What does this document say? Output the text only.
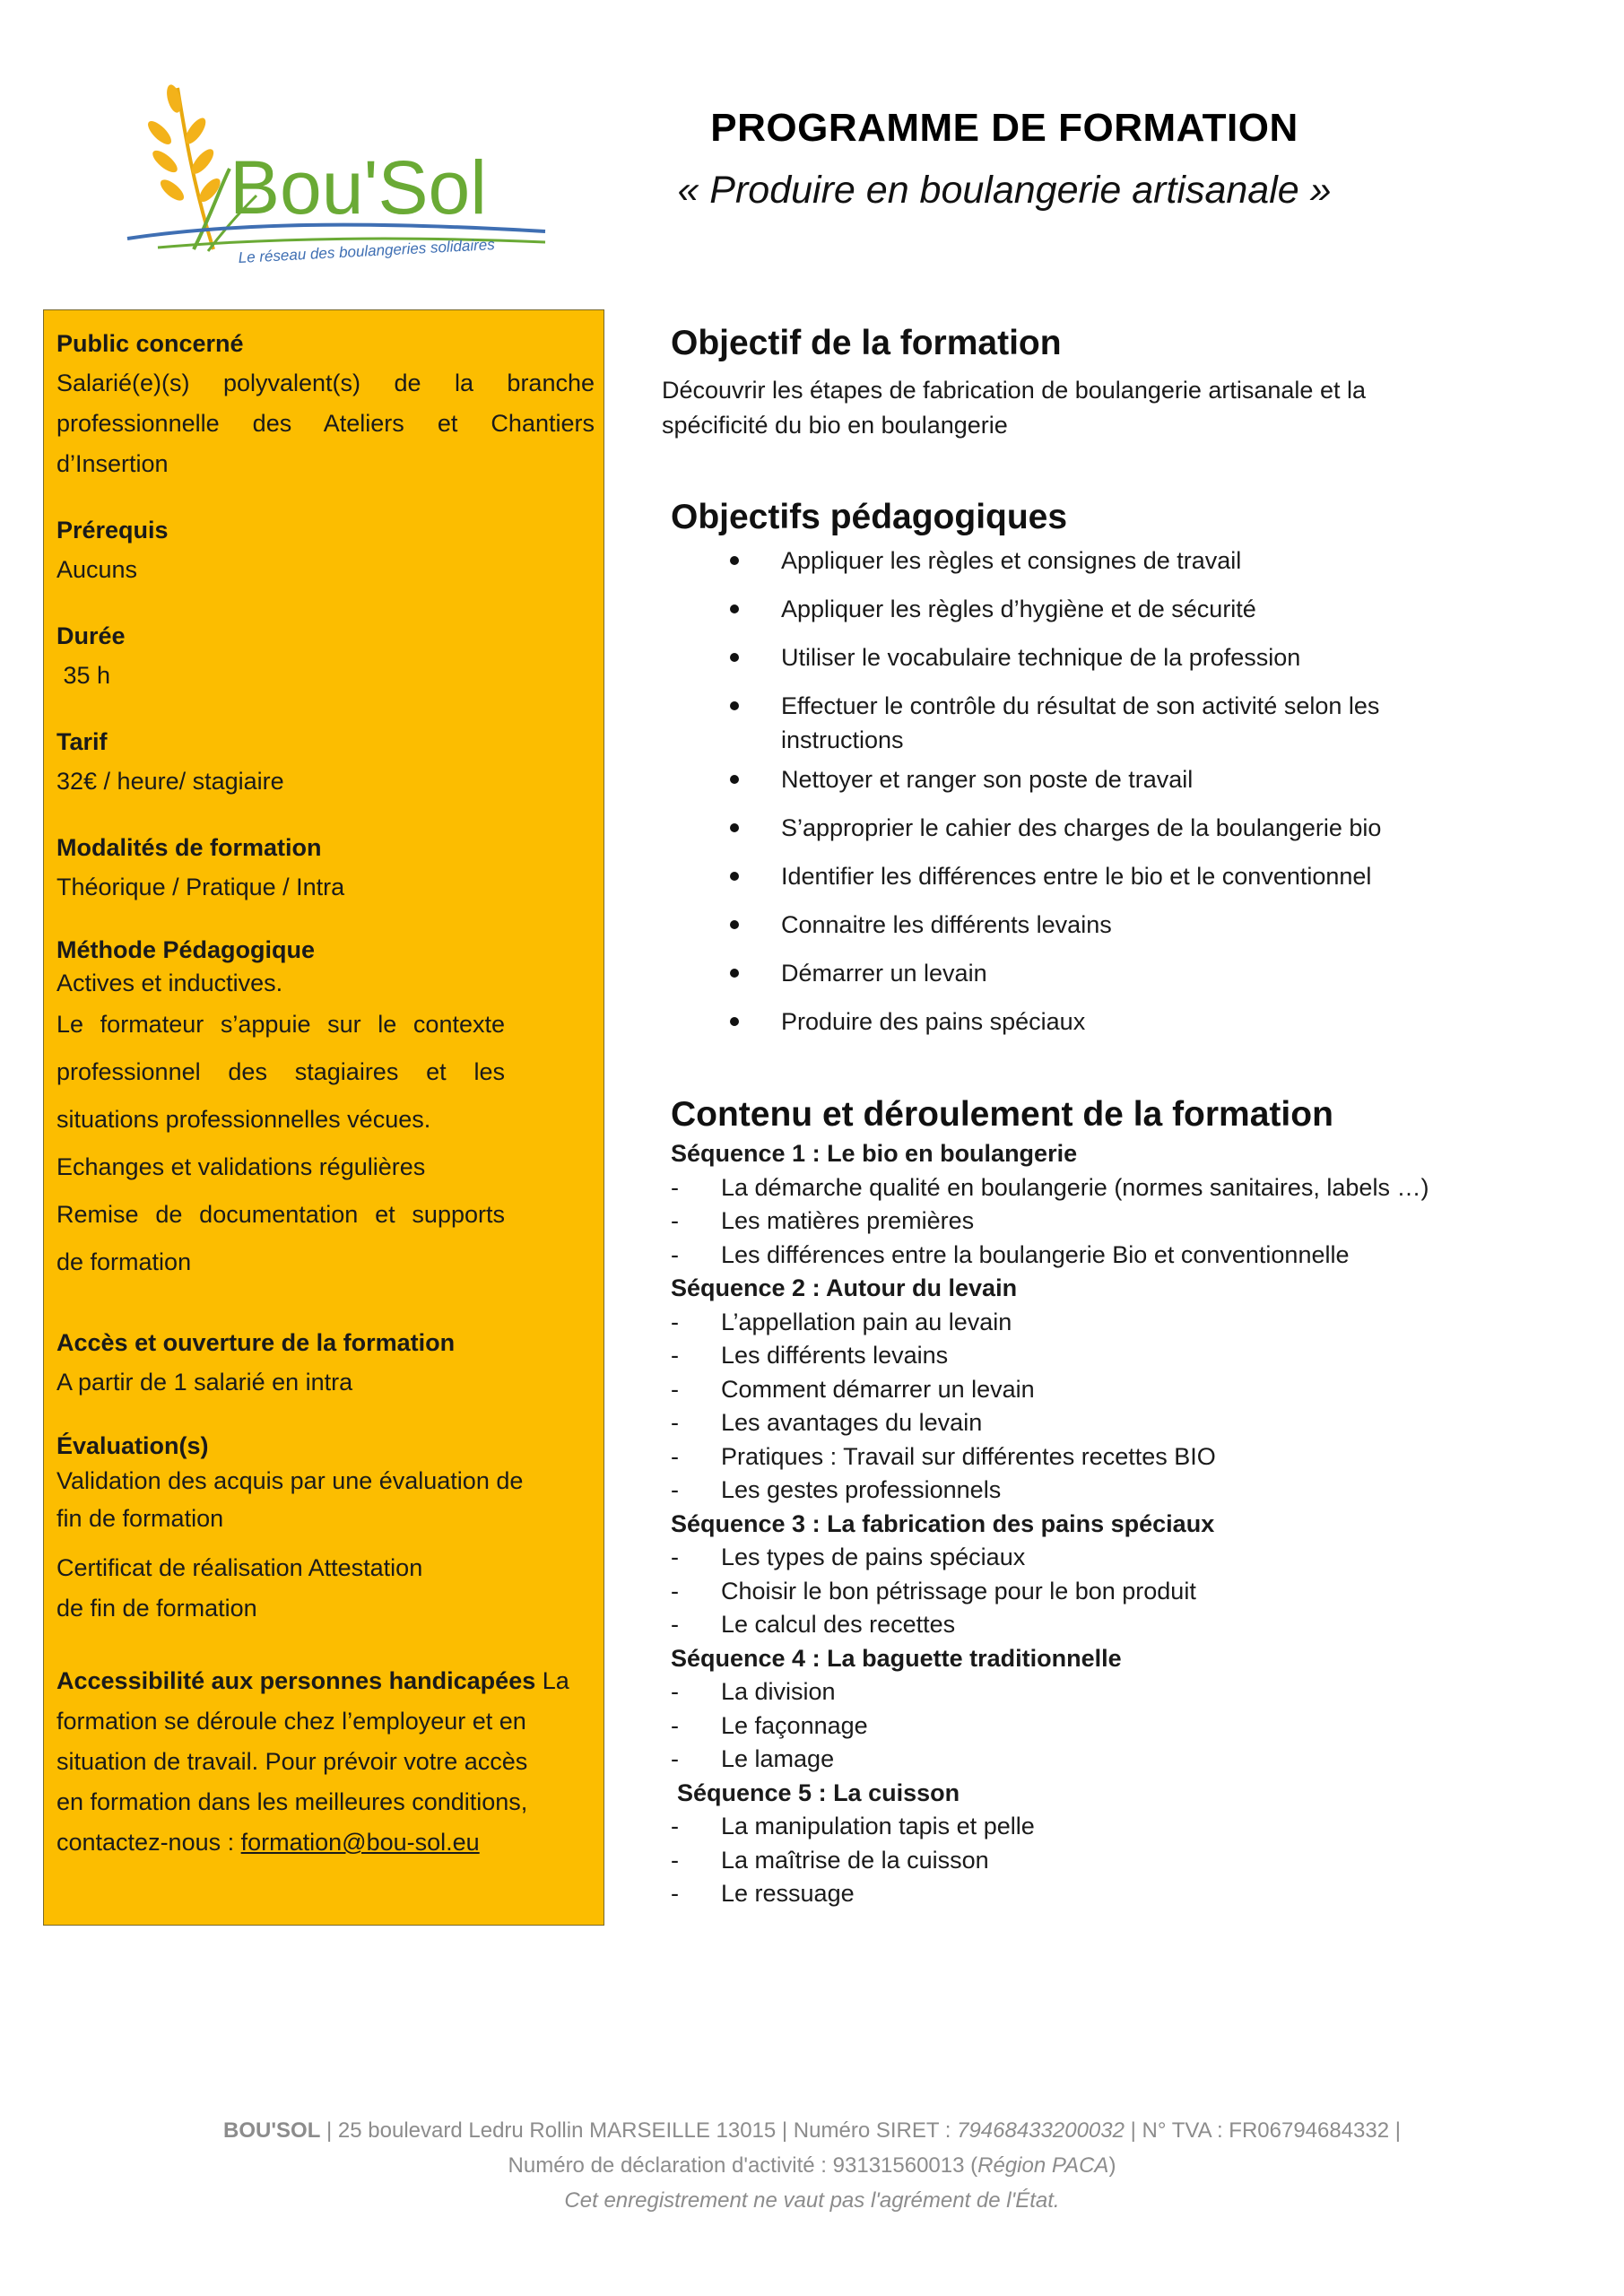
Bou'Sol
Le réseau des boulangeries solidaires
PROGRAMME DE FORMATION
« Produire en boulangerie artisanale »
Public concerné
Salarié(e)(s) polyvalent(s) de la branche
professionnelle des Ateliers et Chantiers
d’Insertion
Prérequis
Aucuns
Durée
35 h
Tarif
32€ / heure/ stagiaire
Modalités de formation
Théorique / Pratique / Intra
Méthode Pédagogique
Actives et inductives.
Le formateur s’appuie sur le contexte
professionnel des stagiaires et les
situations professionnelles vécues.
Echanges et validations régulières
Remise de documentation et supports
de formation
Accès et ouverture de la formation
A partir de 1 salarié en intra
Évaluation(s)
Validation des acquis par une évaluation de
fin de formation
Certificat de réalisation Attestation
de fin de formation
Accessibilité aux personnes handicapées La
formation se déroule chez l’employeur et en
situation de travail. Pour prévoir votre accès
en formation dans les meilleures conditions,
contactez-nous : formation@bou-sol.eu
Objectif de la formation
Découvrir les étapes de fabrication de boulangerie artisanale et la
spécificité du bio en boulangerie
Objectifs pédagogiques
Appliquer les règles et consignes de travail
Appliquer les règles d’hygiène et de sécurité
Utiliser le vocabulaire technique de la profession
Effectuer le contrôle du résultat de son activité selon les
instructions
Nettoyer et ranger son poste de travail
S’approprier le cahier des charges de la boulangerie bio
Identifier les différences entre le bio et le conventionnel
Connaitre les différents levains
Démarrer un levain
Produire des pains spéciaux
Contenu et déroulement de la formation
Séquence 1 : Le bio en boulangerie
- La démarche qualité en boulangerie (normes sanitaires, labels …)
- Les matières premières
- Les différences entre la boulangerie Bio et conventionnelle
Séquence 2 : Autour du levain
- L’appellation pain au levain
- Les différents levains
- Comment démarrer un levain
- Les avantages du levain
- Pratiques : Travail sur différentes recettes BIO
- Les gestes professionnels
Séquence 3 : La fabrication des pains spéciaux
- Les types de pains spéciaux
- Choisir le bon pétrissage pour le bon produit
- Le calcul des recettes
Séquence 4 : La baguette traditionnelle
- La division
- Le façonnage
- Le lamage
Séquence 5 : La cuisson
- La manipulation tapis et pelle
- La maîtrise de la cuisson
- Le ressuage
BOU'SOL | 25 boulevard Ledru Rollin MARSEILLE 13015 | Numéro SIRET : 79468433200032 | N° TVA : FR06794684332 |
Numéro de déclaration d'activité : 93131560013 (Région PACA)
Cet enregistrement ne vaut pas l'agrément de l'État.
